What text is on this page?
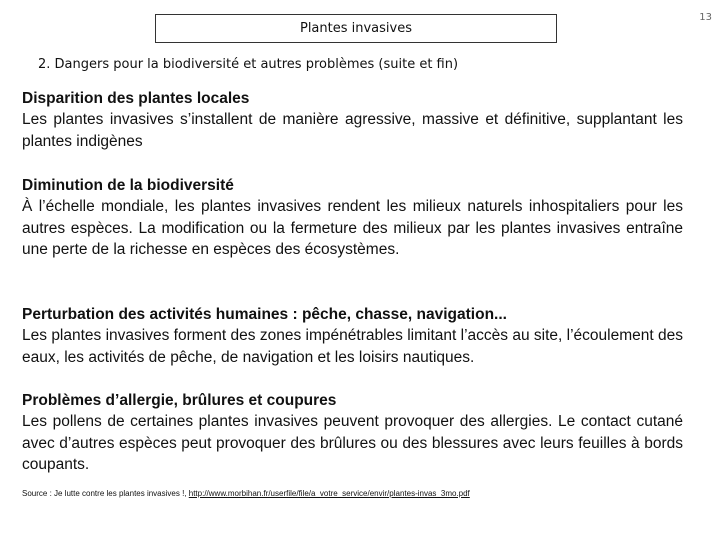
Plantes invasives
13
2. Dangers pour la biodiversité et autres problèmes (suite et fin)
Disparition des plantes locales
Les plantes invasives s’installent de manière agressive, massive et définitive, supplantant les plantes indigènes
Diminution de la biodiversité
À l’échelle mondiale, les plantes invasives rendent les milieux naturels inhospitaliers pour les autres espèces. La modification ou la fermeture des milieux par les plantes invasives entraîne une perte de la richesse en espèces des écosystèmes.
Perturbation des activités humaines : pêche, chasse, navigation...
Les plantes invasives forment des zones impénétrables limitant l’accès au site, l’écoulement des eaux, les activités de pêche, de navigation et les loisirs nautiques.
Problèmes d’allergie, brûlures et coupures
Les pollens de certaines plantes invasives peuvent provoquer des allergies. Le contact cutané avec d’autres espèces peut provoquer des brûlures ou des blessures avec leurs feuilles à bords coupants.
Source : Je lutte contre les plantes invasives !, http://www.morbihan.fr/userfile/file/a_votre_service/envir/plantes-invas_3mo.pdf
